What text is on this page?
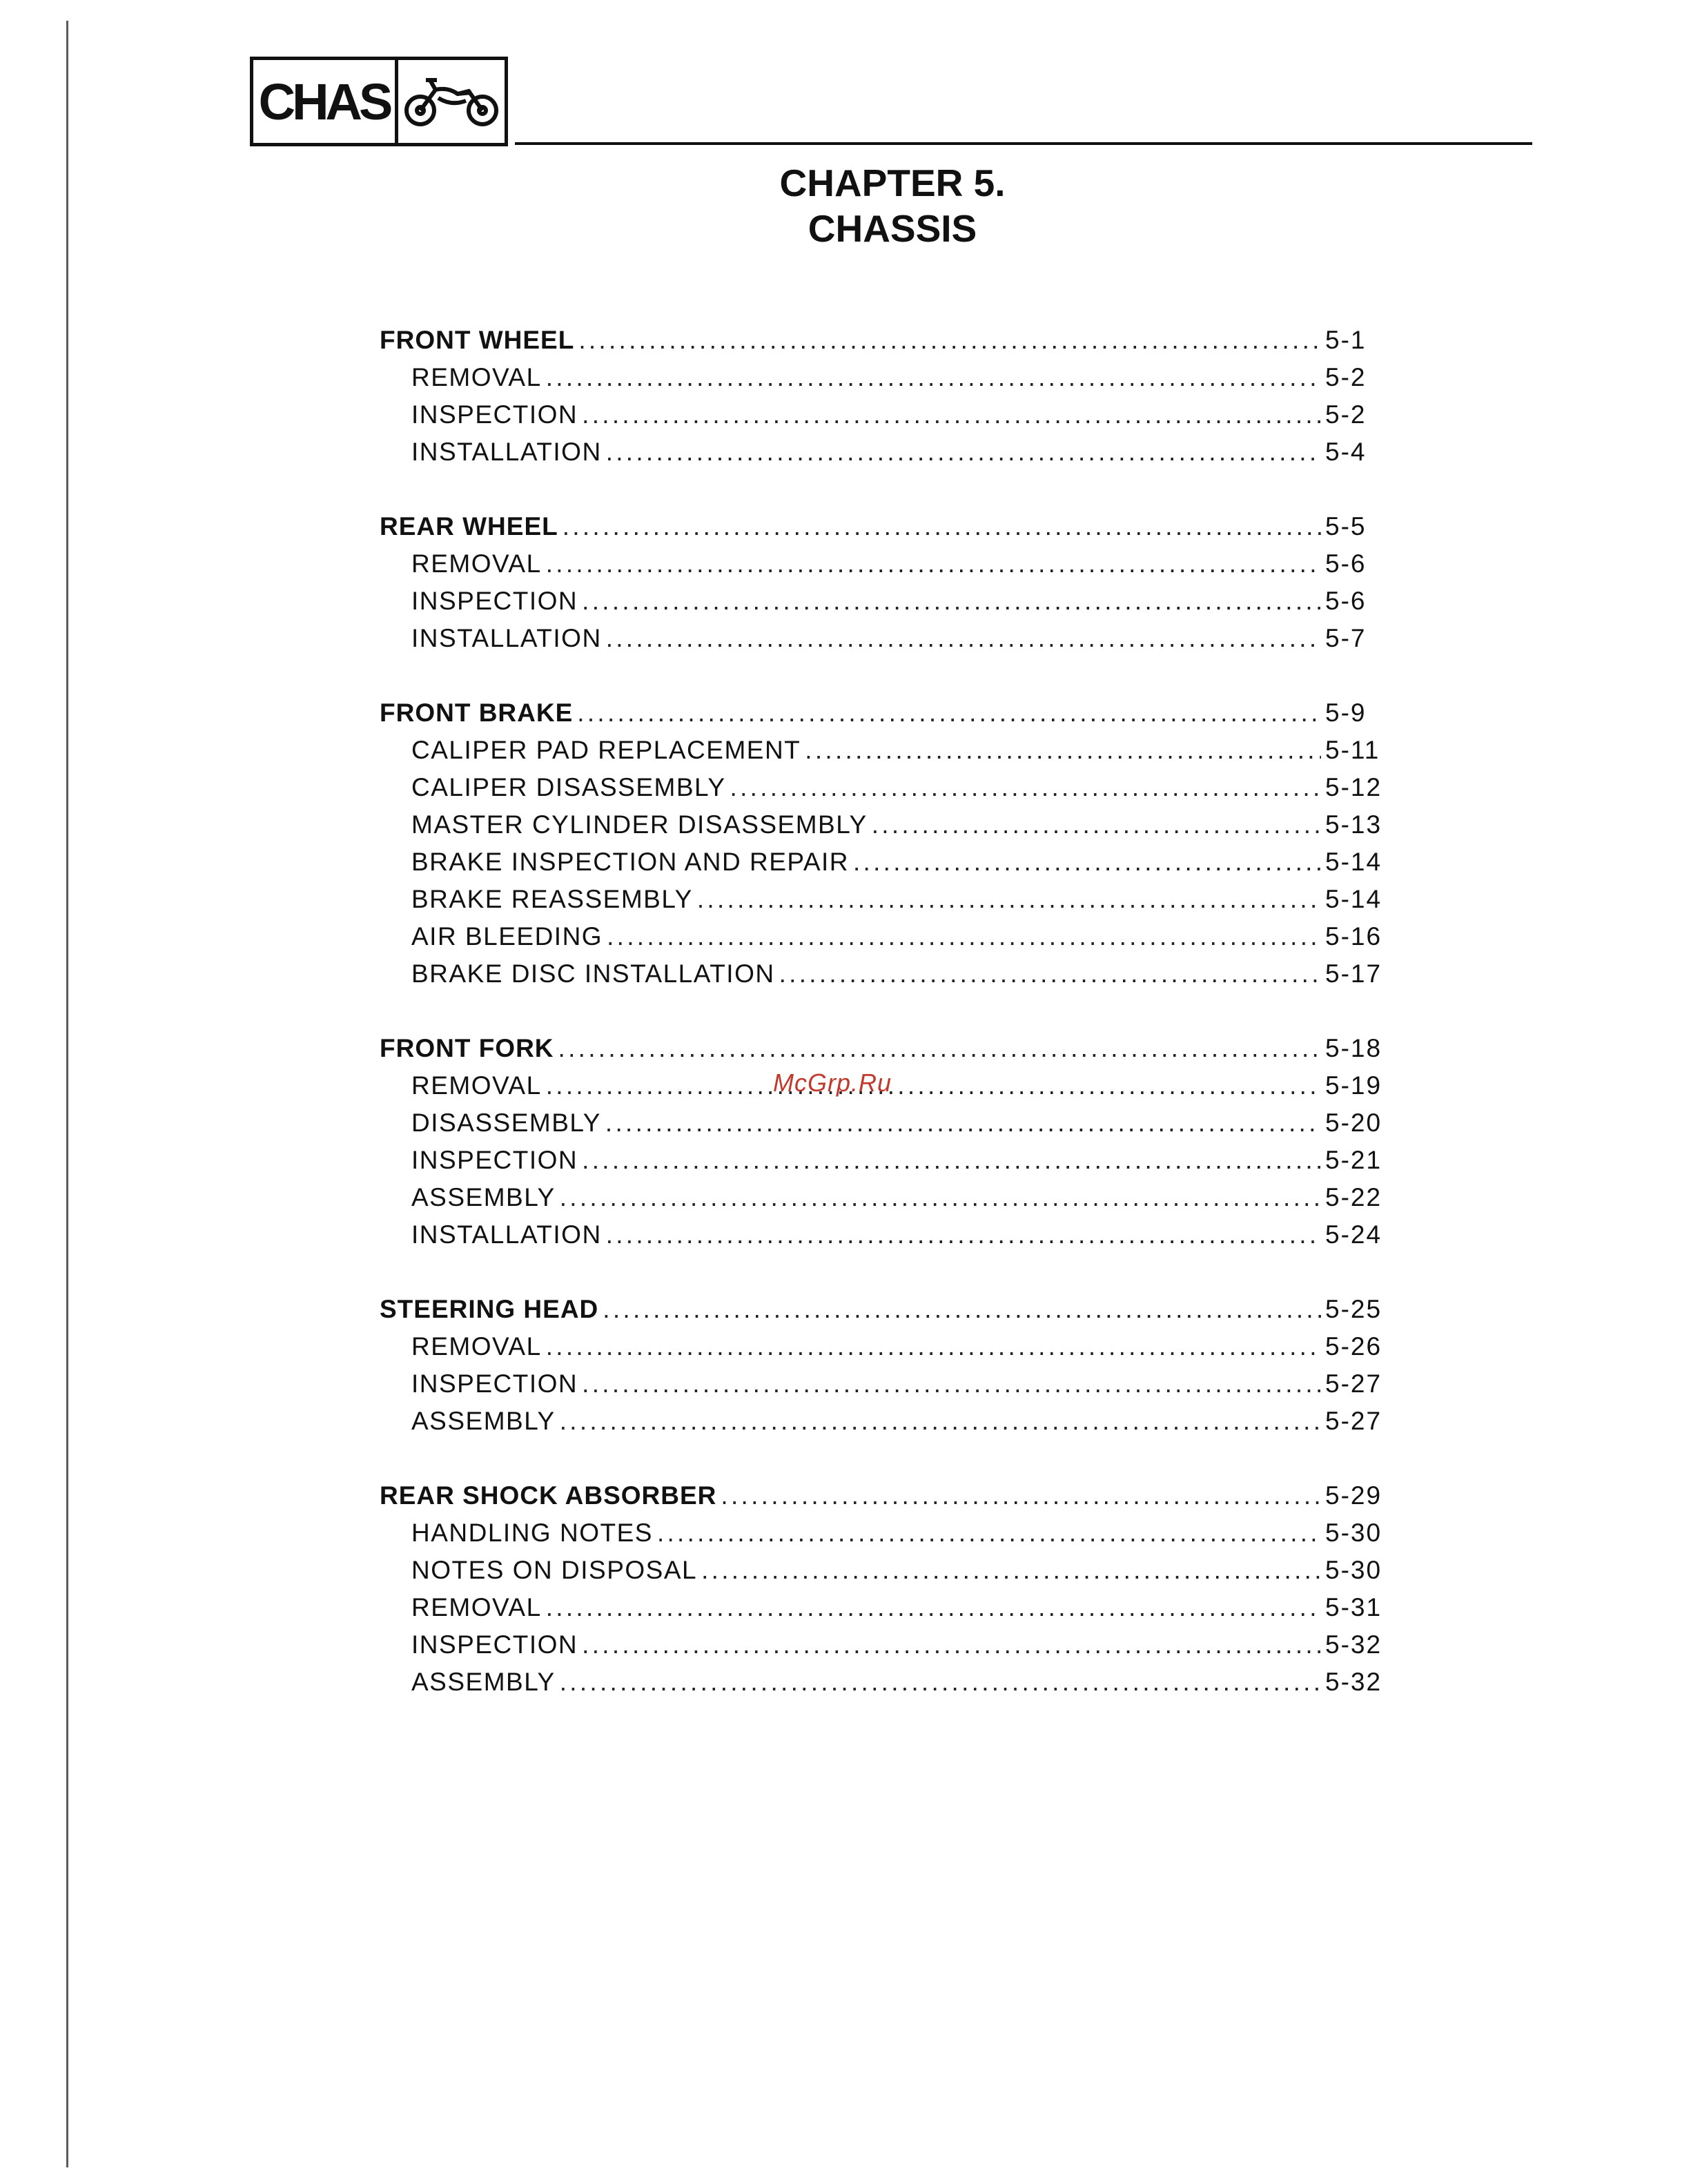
CHAS
CHAPTER 5.
CHASSIS
FRONT WHEEL . . .	5-1
REMOVAL . . .	5-2
INSPECTION . . .	5-2
INSTALLATION . . .	5-4
REAR WHEEL . . .	5-5
REMOVAL . . .	5-6
INSPECTION . . .	5-6
INSTALLATION . . .	5-7
FRONT BRAKE . . .	5-9
CALIPER PAD REPLACEMENT . . .	5-11
CALIPER DISASSEMBLY . . .	5-12
MASTER CYLINDER DISASSEMBLY . . .	5-13
BRAKE INSPECTION AND REPAIR . . .	5-14
BRAKE REASSEMBLY . . .	5-14
AIR BLEEDING . . .	5-16
BRAKE DISC INSTALLATION . . .	5-17
FRONT FORK . . .	5-18
REMOVAL . . .	5-19
DISASSEMBLY . . .	5-20
INSPECTION . . .	5-21
ASSEMBLY . . .	5-22
INSTALLATION . . .	5-24
STEERING HEAD . . .	5-25
REMOVAL . . .	5-26
INSPECTION . . .	5-27
ASSEMBLY . . .	5-27
REAR SHOCK ABSORBER . . .	5-29
HANDLING NOTES . . .	5-30
NOTES ON DISPOSAL . . .	5-30
REMOVAL . . .	5-31
INSPECTION . . .	5-32
ASSEMBLY . . .	5-32
McGrp.Ru
